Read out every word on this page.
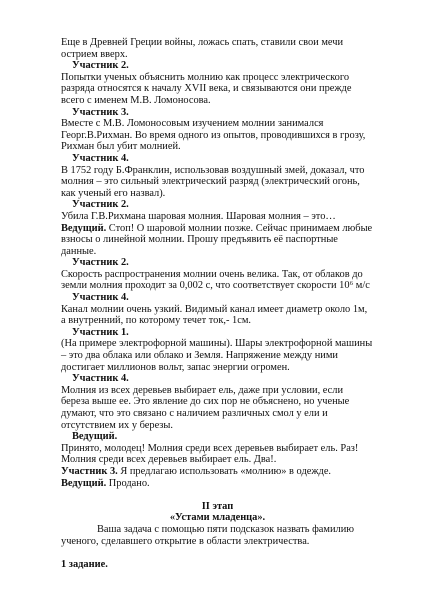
Еще в Древней Греции войны, ложась спать, ставили свои мечи острием вверх.

Участник 2.

Попытки ученых объяснить молнию как процесс электрического разряда относятся к началу XVII века, и связываются они прежде всего с именем М.В. Ломоносова.

Участник 3.

Вместе с М.В. Ломоносовым изучением молнии занимался Георг.В.Рихман. Во время одного из опытов, проводившихся в грозу, Рихман был убит молнией.

Участник 4.

В 1752 году Б.Франклин, использовав воздушный змей, доказал, что молния – это сильный электрический разряд (электрический огонь, как ученый его назвал).

Участник 2.

Убила Г.В.Рихмана шаровая молния. Шаровая молния – это…

Ведущий. Стоп! О шаровой молнии позже. Сейчас принимаем любые взносы о линейной молнии. Прошу предъявить её паспортные данные.

Участник 2.

Скорость распространения молнии очень велика. Так, от облаков до земли молния проходит за 0,002 с, что соответствует скорости 10⁶ м/с

Участник 4.

Канал молнии очень узкий. Видимый канал имеет диаметр около 1м, а внутренний, по которому течет ток,- 1см.

Участник 1.

(На примере электрофорной машины). Шары электрофорной машины – это два облака или облако и Земля. Напряжение между ними достигает миллионов вольт, запас энергии огромен.

Участник 4.

Молния из всех деревьев выбирает ель, даже при условии, если береза выше ее. Это явление до сих пор не объяснено, но ученые думают, что это связано с наличием различных смол у ели и отсутствием их у березы.

Ведущий.

Принято, молодец! Молния среди всех деревьев выбирает ель. Раз! Молния среди всех деревьев выбирает ель. Два!.

Участник 3. Я предлагаю использовать «молнию» в одежде.

Ведущий. Продано.

II этап

«Устами младенца».

Ваша задача с помощью пяти подсказок назвать фамилию ученого, сделавшего открытие в области электричества.

1 задание.
